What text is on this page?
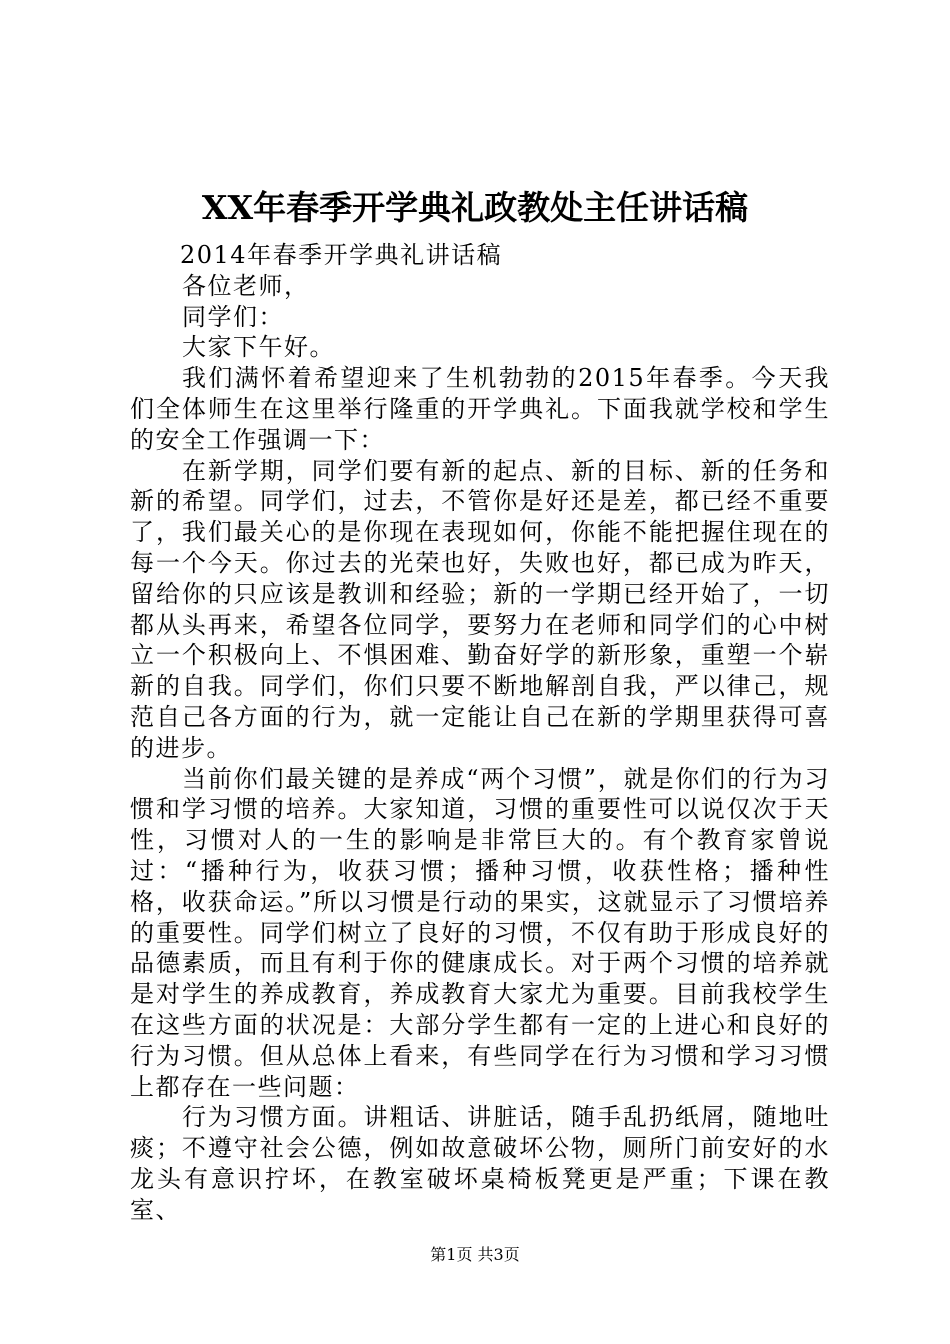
XX年春季开学典礼政教处主任讲话稿

2014年春季开学典礼讲话稿

各位老师，

同学们：

大家下午好。

我们满怀着希望迎来了生机勃勃的2015年春季。今天我们全体师生在这里举行隆重的开学典礼。下面我就学校和学生的安全工作强调一下：

在新学期，同学们要有新的起点、新的目标、新的任务和新的希望。同学们，过去，不管你是好还是差，都已经不重要了，我们最关心的是你现在表现如何，你能不能把握住现在的每一个今天。你过去的光荣也好，失败也好，都已成为昨天，留给你的只应该是教训和经验；新的一学期已经开始了，一切都从头再来，希望各位同学，要努力在老师和同学们的心中树立一个积极向上、不惧困难、勤奋好学的新形象，重塑一个崭新的自我。同学们，你们只要不断地解剖自我，严以律己，规范自己各方面的行为，就一定能让自己在新的学期里获得可喜的进步。

当前你们最关键的是养成“两个习惯”，就是你们的行为习惯和学习惯的培养。大家知道，习惯的重要性可以说仅次于天性，习惯对人的一生的影响是非常巨大的。有个教育家曾说过：“播种行为，收获习惯；播种习惯，收获性格；播种性格，收获命运。”所以习惯是行动的果实，这就显示了习惯培养的重要性。同学们树立了良好的习惯，不仅有助于形成良好的品德素质，而且有利于你的健康成长。对于两个习惯的培养就是对学生的养成教育，养成教育大家尤为重要。目前我校学生在这些方面的状况是：大部分学生都有一定的上进心和良好的行为习惯。但从总体上看来，有些同学在行为习惯和学习习惯上都存在一些问题：

行为习惯方面。讲粗话、讲脏话，随手乱扔纸屑，随地吐痰；不遵守社会公德，例如故意破坏公物，厕所门前安好的水龙头有意识拧坏，在教室破坏桌椅板凳更是严重；下课在教室、

第1页 共3页
